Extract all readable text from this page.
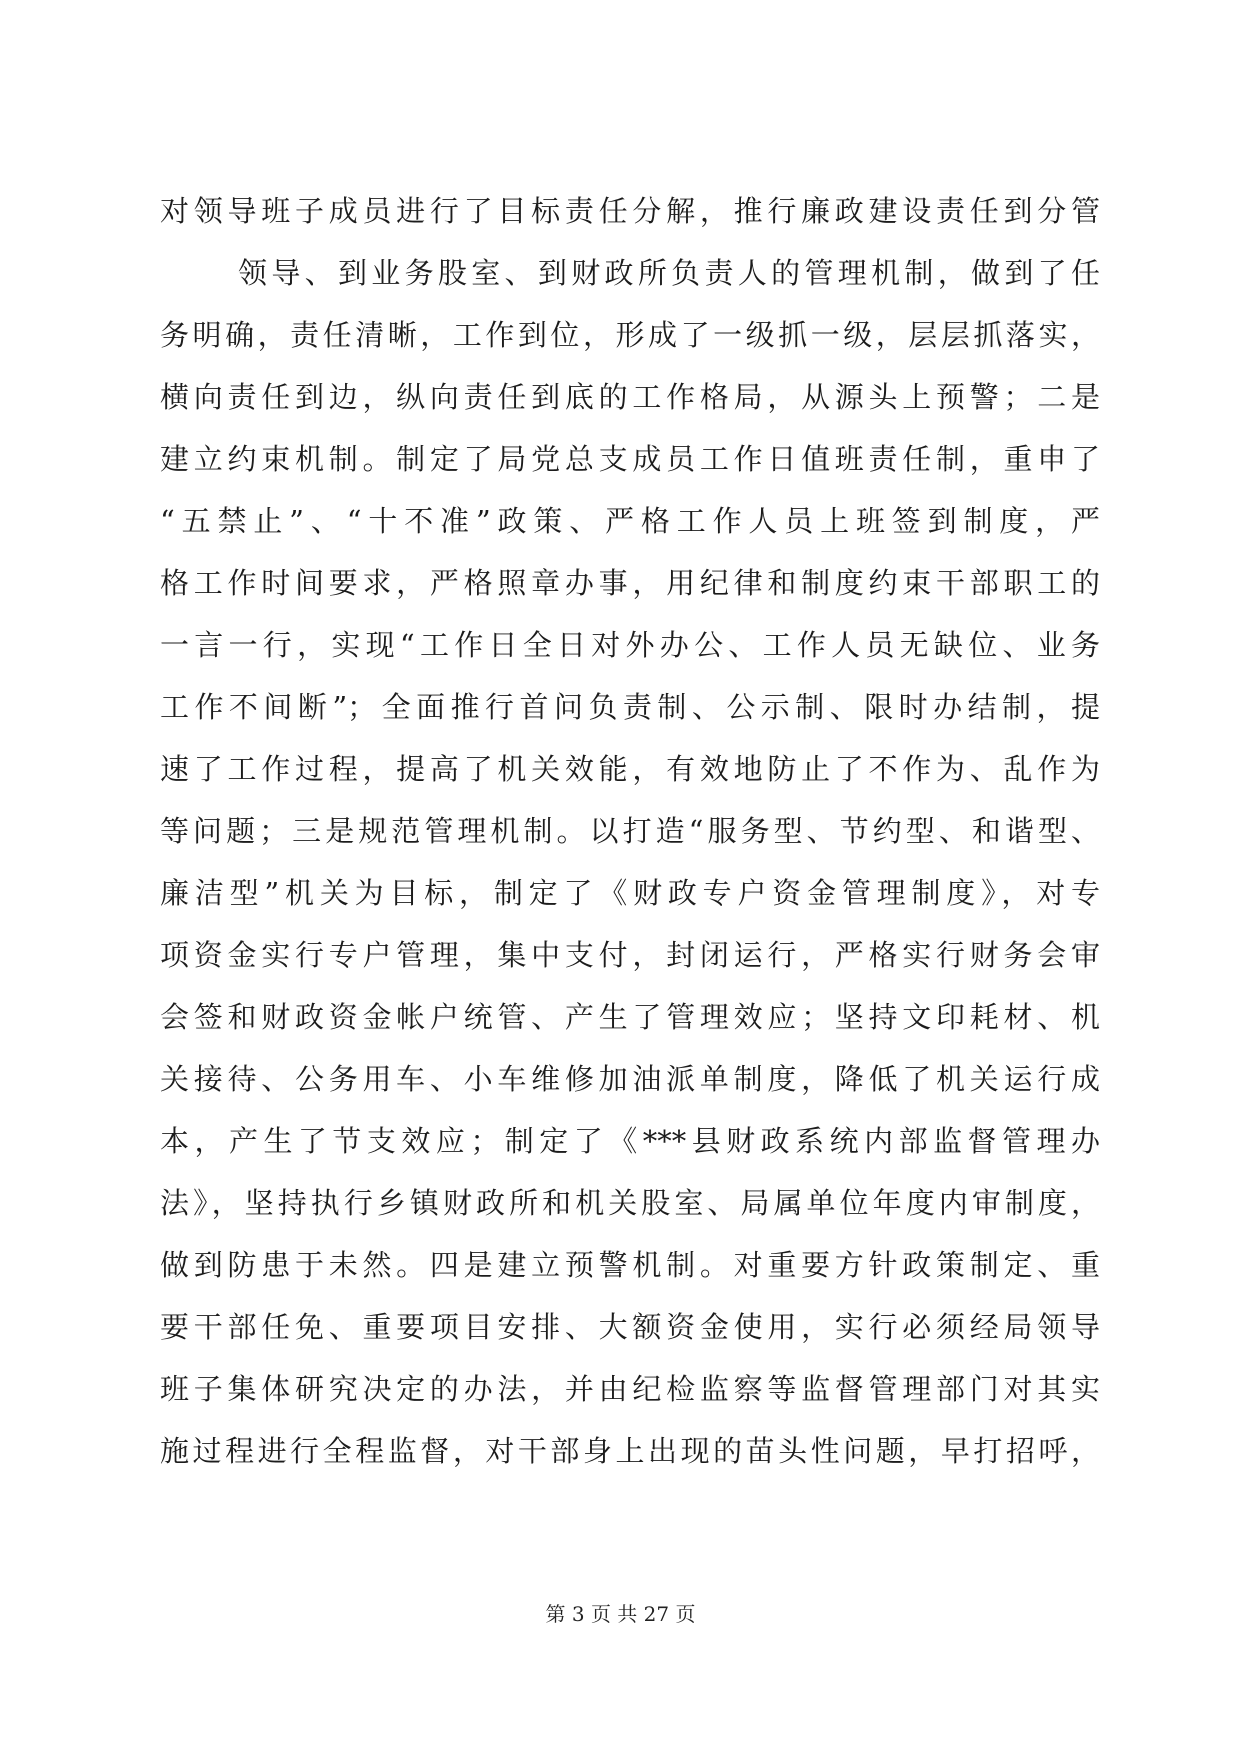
对领导班子成员进行了目标责任分解，推行廉政建设责任到分管
领导、到业务股室、到财政所负责人的管理机制，做到了任
务明确，责任清晰，工作到位，形成了一级抓一级，层层抓落实，
横向责任到边，纵向责任到底的工作格局，从源头上预警；二是
建立约束机制。制定了局党总支成员工作日值班责任制，重申了
“五禁止”、“十不准”政策、严格工作人员上班签到制度，严
格工作时间要求，严格照章办事，用纪律和制度约束干部职工的
一言一行，实现“工作日全日对外办公、工作人员无缺位、业务
工作不间断”；全面推行首问负责制、公示制、限时办结制，提
速了工作过程，提高了机关效能，有效地防止了不作为、乱作为
等问题；三是规范管理机制。以打造“服务型、节约型、和谐型、
廉洁型”机关为目标，制定了《财政专户资金管理制度》，对专
项资金实行专户管理，集中支付，封闭运行，严格实行财务会审
会签和财政资金帐户统管、产生了管理效应；坚持文印耗材、机
关接待、公务用车、小车维修加油派单制度，降低了机关运行成
本，产生了节支效应；制定了《***县财政系统内部监督管理办
法》，坚持执行乡镇财政所和机关股室、局属单位年度内审制度，
做到防患于未然。四是建立预警机制。对重要方针政策制定、重
要干部任免、重要项目安排、大额资金使用，实行必须经局领导
班子集体研究决定的办法，并由纪检监察等监督管理部门对其实
施过程进行全程监督，对干部身上出现的苗头性问题，早打招呼，
第 3 页 共 27 页
